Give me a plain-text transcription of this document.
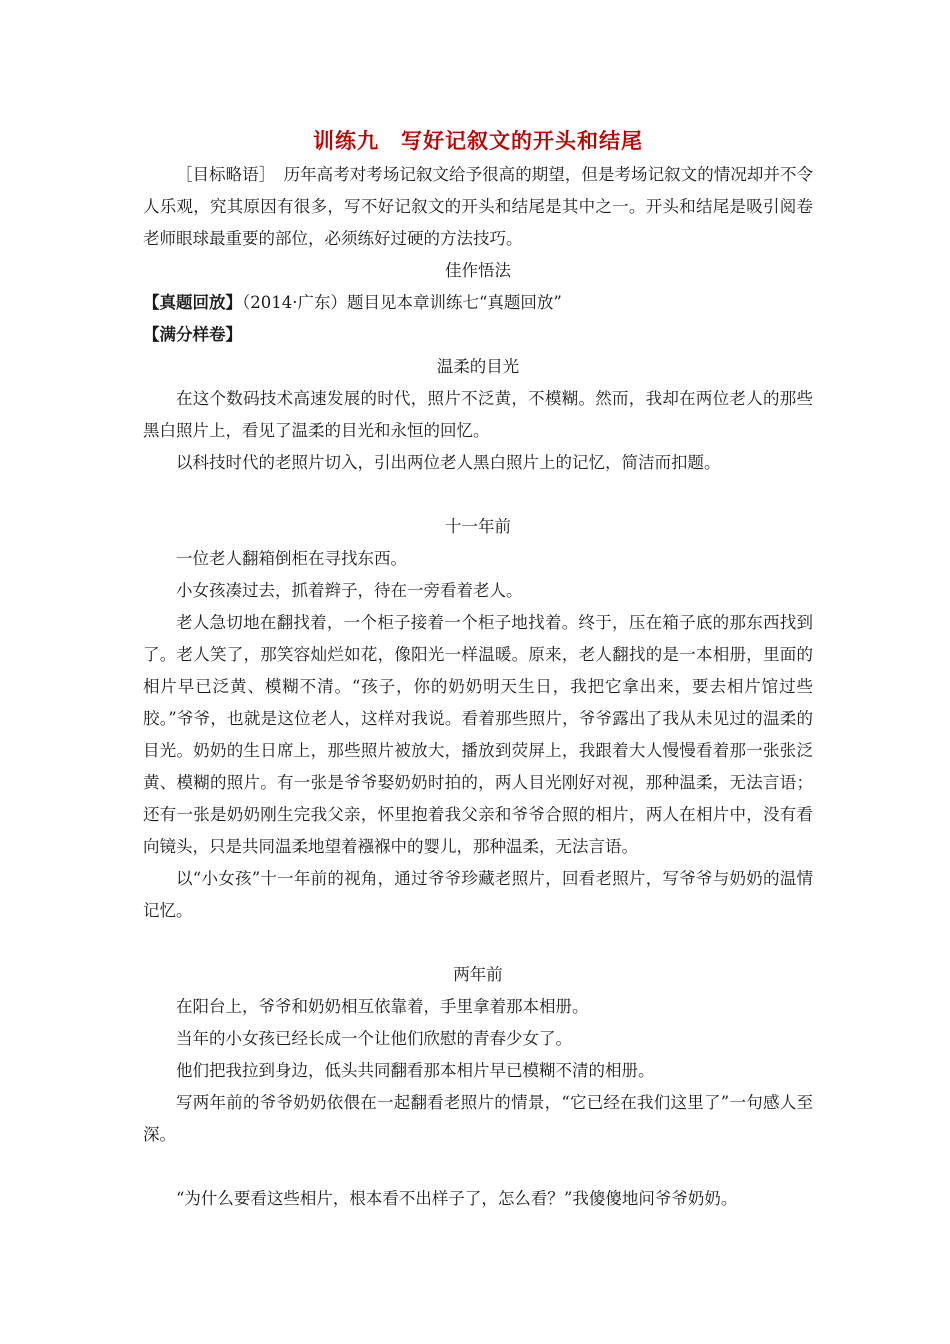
训练九 写好记叙文的开头和结尾

［目标略语］　历年高考对考场记叙文给予很高的期望，但是考场记叙文的情况却并不令人乐观，究其原因有很多，写不好记叙文的开头和结尾是其中之一。开头和结尾是吸引阅卷老师眼球最重要的部位，必须练好过硬的方法技巧。

佳作悟法

【真题回放】（2014·广东）题目见本章训练七“真题回放”

【满分样卷】

温柔的目光

在这个数码技术高速发展的时代，照片不泛黄，不模糊。然而，我却在两位老人的那些黑白照片上，看见了温柔的目光和永恒的回忆。

以科技时代的老照片切入，引出两位老人黑白照片上的记忆，简洁而扣题。

十一年前

一位老人翻箱倒柜在寻找东西。

小女孩凑过去，抓着辫子，待在一旁看着老人。

老人急切地在翻找着，一个柜子接着一个柜子地找着。终于，压在箱子底的那东西找到了。老人笑了，那笑容灿烂如花，像阳光一样温暖。原来，老人翻找的是一本相册，里面的相片早已泛黄、模糊不清。“孩子，你的奶奶明天生日，我把它拿出来，要去相片馆过些胶。”爷爷，也就是这位老人，这样对我说。看着那些照片，爷爷露出了我从未见过的温柔的目光。奶奶的生日席上，那些照片被放大，播放到荧屏上，我跟着大人慢慢看着那一张张泛黄、模糊的照片。有一张是爷爷娶奶奶时拍的，两人目光刚好对视，那种温柔，无法言语；还有一张是奶奶刚生完我父亲，怀里抱着我父亲和爷爷合照的相片，两人在相片中，没有看向镜头，只是共同温柔地望着襁褓中的婴儿，那种温柔，无法言语。

以“小女孩”十一年前的视角，通过爷爷珍藏老照片，回看老照片，写爷爷与奶奶的温情记忆。

两年前

在阳台上，爷爷和奶奶相互依靠着，手里拿着那本相册。

当年的小女孩已经长成一个让他们欣慰的青春少女了。

他们把我拉到身边，低头共同翻看那本相片早已模糊不清的相册。

写两年前的爷爷奶奶依偎在一起翻看老照片的情景，“它已经在我们这里了”一句感人至深。

“为什么要看这些相片，根本看不出样子了，怎么看？”我傻傻地问爷爷奶奶。
